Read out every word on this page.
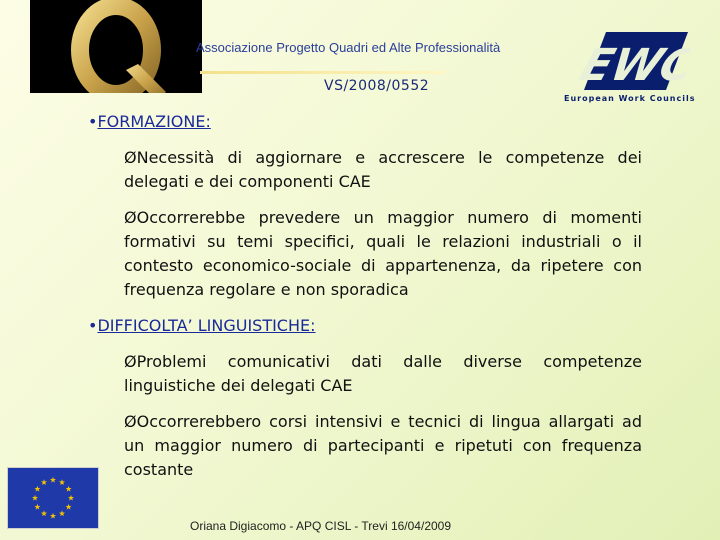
Associazione Progetto Quadri ed Alte Professionalità
VS/2008/0552	EWC
European Work Councils
•FORMAZIONE:
ØNecessità di aggiornare e accrescere le competenze dei delegati e dei componenti CAE
ØOccorrerebbe prevedere un maggior numero di momenti formativi su temi specifici, quali le relazioni industriali o il contesto economico-sociale di appartenenza, da ripetere con frequenza regolare e non sporadica
•DIFFICOLTA’ LINGUISTICHE:
ØProblemi comunicativi dati dalle diverse competenze linguistiche dei delegati CAE
ØOccorrerebbero corsi intensivi e tecnici di lingua allargati ad un maggior numero di partecipanti e ripetuti con frequenza costante
Oriana Digiacomo - APQ CISL - Trevi 16/04/2009
